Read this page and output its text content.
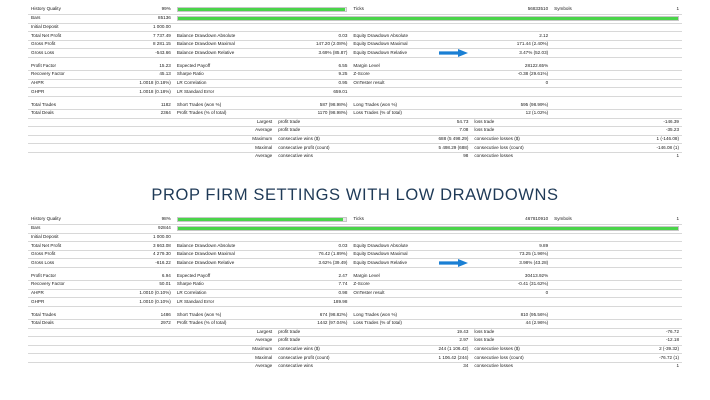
History Quality	99%			Ticks	56833510	Symbols	1
Bars	85136						

Initial Deposit	1 000.00						
Total Net Profit	7 737.49	Balance Drawdown Absolute	0.03	Equity Drawdown Absolute	2.12		
Gross Profit	8 281.15	Balance Drawdown Maximal	147.20 (2.08%)	Equity Drawdown Maximal	171.44 (2.40%)		
Gross Loss	-543.66	Balance Drawdown Relative	3.69% (85.87)	Equity Drawdown Relative	3.47% (52.03)		

Profit Factor	15.23	Expected Payoff	6.55	Margin Level	28122.65%		
Recovery Factor	45.13	Sharpe Ratio	9.25	Z-Score	-0.38 (29.61%)		
AHPR	1.0018 (0.18%)	LR Correlation	0.95	OnTester result	0		
GHPR	1.0018 (0.18%)	LR Standard Error	659.01				

Total Trades	1182	Short Trades (won %)	587 (98.98%)	Long Trades (won %)	595 (98.99%)		
Total Deals	2364	Profit Trades (% of total)	1170 (98.98%)	Loss Trades (% of total)	12 (1.02%)		
		Largest	profit trade	54.73	loss trade	-146.39	
		Average	profit trade	7.08	loss trade	-35.23	
		Maximum	consecutive wins ($)	688 (5 498.29)	consecutive losses ($)	1 (-146.08)	
		Maximal	consecutive profit (count)	5 498.29 (688)	consecutive loss (count)	-146.08 (1)	
		Average	consecutive wins	98	consecutive losses	1	
PROP FIRM SETTINGS WITH LOW DRAWDOWNS
History Quality	98%			Ticks	467810910	Symbols	1
Bars	92844						

Initial Deposit	1 000.00						
Total Net Profit	3 663.08	Balance Drawdown Absolute	0.03	Equity Drawdown Absolute	9.89		
Gross Profit	4 279.30	Balance Drawdown Maximal	76.42 (1.89%)	Equity Drawdown Maximal	73.25 (1.96%)		
Gross Loss	-616.22	Balance Drawdown Relative	3.62% (39.49)	Equity Drawdown Relative	3.98% (43.28)		

Profit Factor	6.94	Expected Payoff	2.47	Margin Level	30413.92%		
Recovery Factor	50.01	Sharpe Ratio	7.74	Z-Score	-0.41 (31.62%)		
AHPR	1.0010 (0.10%)	LR Correlation	0.98	OnTester result	0		
GHPR	1.0010 (0.10%)	LR Standard Error	189.98				

Total Trades	1486	Short Trades (won %)	674 (98.82%)	Long Trades (won %)	810 (95.56%)		
Total Deals	2972	Profit Trades (% of total)	1442 (97.04%)	Loss Trades (% of total)	44 (2.96%)		
		Largest	profit trade	19.43	loss trade	-76.72	
		Average	profit trade	2.97	loss trade	-12.18	
		Maximum	consecutive wins ($)	244 (1 106.42)	consecutive losses ($)	2 (-39.32)	
		Maximal	consecutive profit (count)	1 106.42 (244)	consecutive loss (count)	-76.72 (1)	
		Average	consecutive wins	34	consecutive losses	1	
